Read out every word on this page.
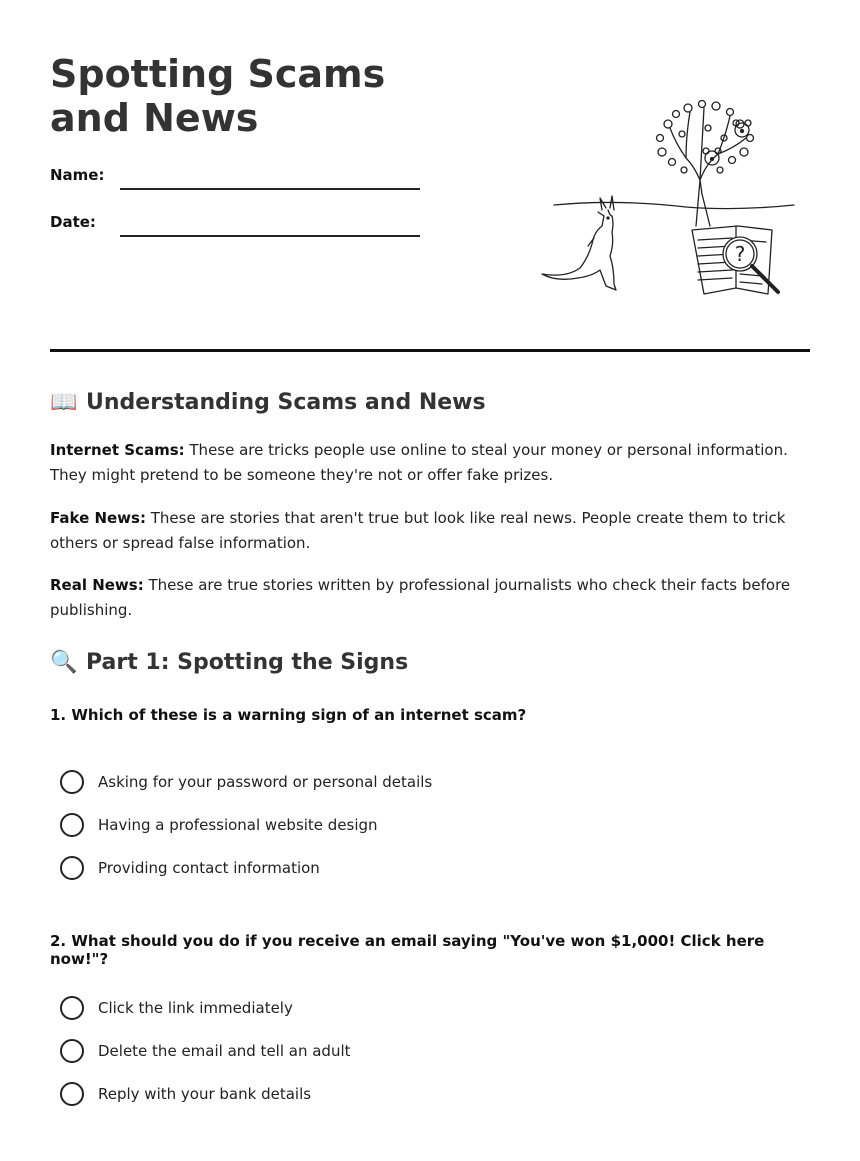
Spotting Scams and News
Name:
Date:
?
📖 Understanding Scams and News

Internet Scams: These are tricks people use online to steal your money or personal information. They might pretend to be someone they're not or offer fake prizes.

Fake News: These are stories that aren't true but look like real news. People create them to trick others or spread false information.

Real News: These are true stories written by professional journalists who check their facts before publishing.

🔍 Part 1: Spotting the Signs

1. Which of these is a warning sign of an internet scam?

Asking for your password or personal details
Having a professional website design
Providing contact information

2. What should you do if you receive an email saying "You've won $1,000! Click here now!"?

Click the link immediately
Delete the email and tell an adult
Reply with your bank details
